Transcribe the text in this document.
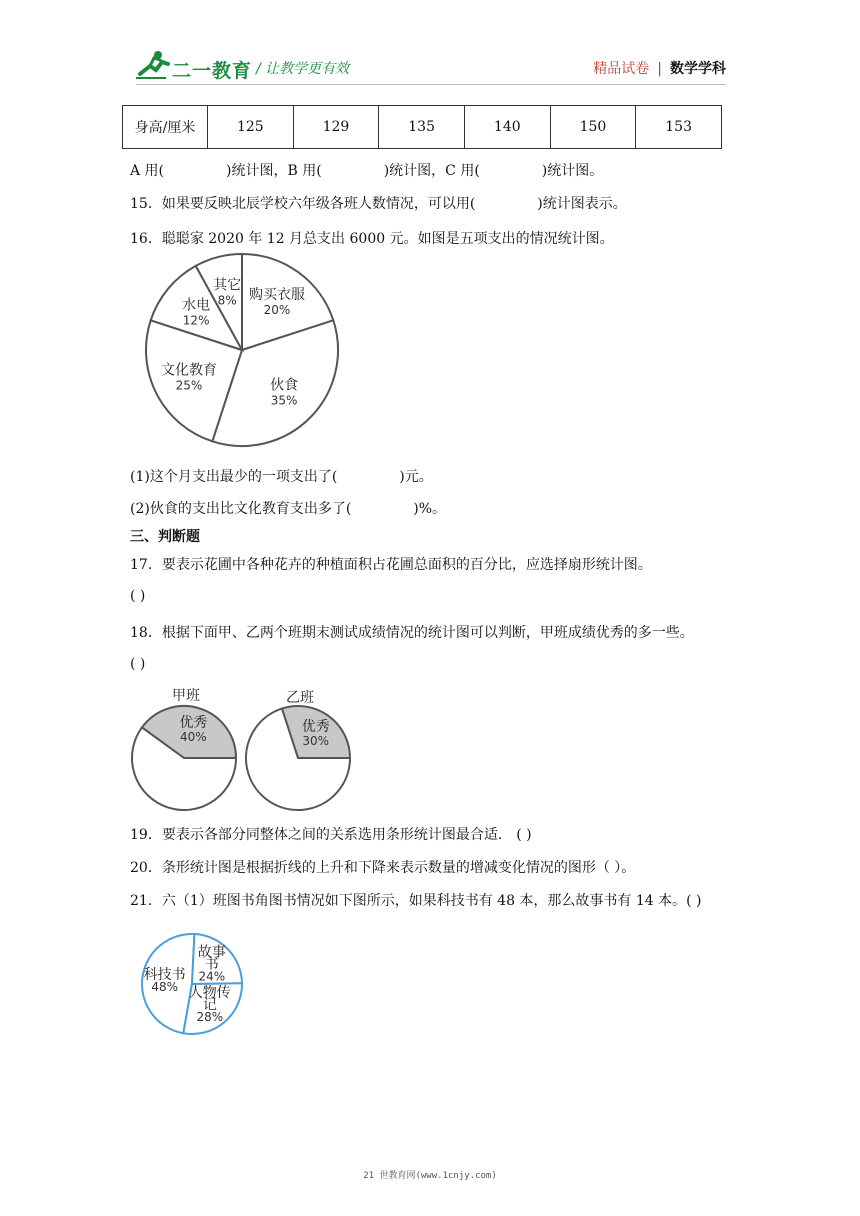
二一教育 / 让教学更有效	精品试卷 | 数学学科
身高/厘米	125	129	135	140	150	153
A 用(	)统计图，B 用(	)统计图，C 用(	)统计图。
15．如果要反映北辰学校六年级各班人数情况，可以用(	)统计图表示。
16．聪聪家 2020 年 12 月总支出 6000 元。如图是五项支出的情况统计图。
购买衣服
20%
伙食
35%
文化教育
25%
水电
12%
其它
8%
(1)这个月支出最少的一项支出了(	)元。
(2)伙食的支出比文化教育支出多了(	)%。
三、判断题
17．要表示花圃中各种花卉的种植面积占花圃总面积的百分比，应选择扇形统计图。
( )
18．根据下面甲、乙两个班期末测试成绩情况的统计图可以判断，甲班成绩优秀的多一些。
( )
甲班
优秀
40%
乙班
优秀
30%
19．要表示各部分同整体之间的关系选用条形统计图最合适． ( )
20．条形统计图是根据折线的上升和下降来表示数量的增减变化情况的图形（ ）。
21．六（1）班图书角图书情况如下图所示，如果科技书有 48 本，那么故事书有 14 本。( )
科技书
48%
故事
书
24%
人物传
记
28%
21 世教育网(www.1cnjy.com)
